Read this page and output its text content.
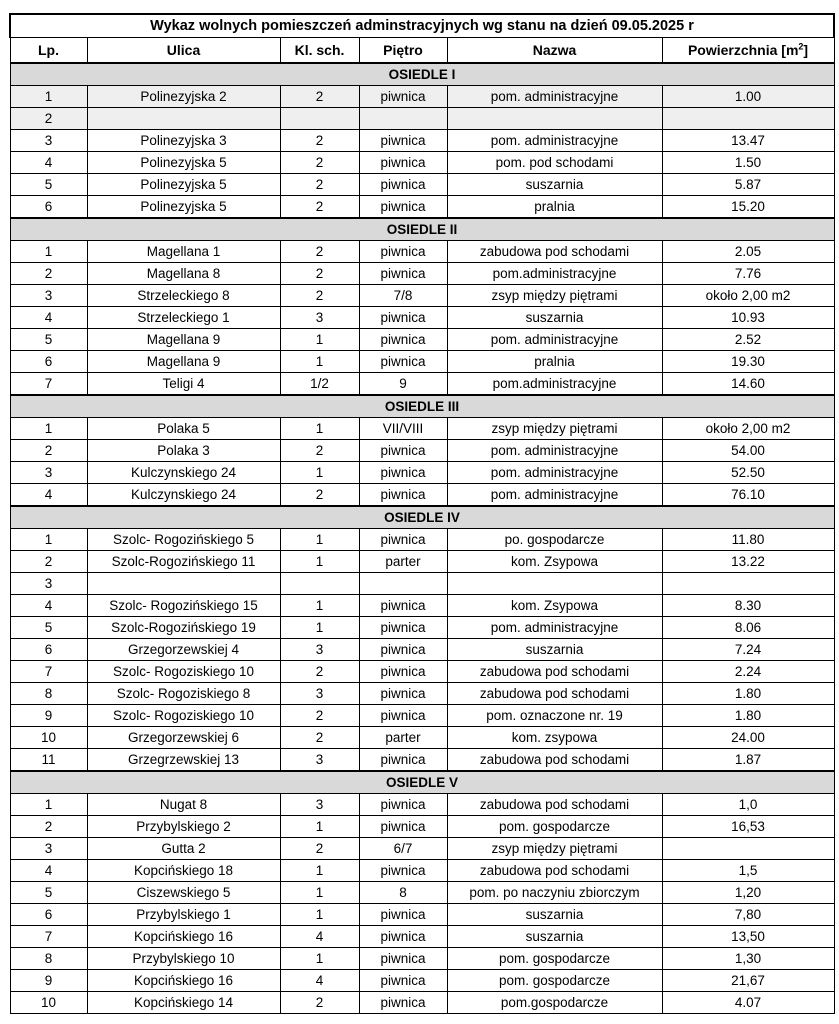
Wykaz wolnych pomieszczeń adminstracyjnych wg stanu na dzień 09.05.2025 r					
Lp.	Ulica	Kl. sch.	Piętro	Nazwa	Powierzchnia $[m^2]$
OSIEDLE I					
1	Polinezyjska 2	2	piwnica	pom. administracyjne	1.00
2					
3	Polinezyjska 3	2	piwnica	pom. administracyjne	13.47
4	Polinezyjska 5	2	piwnica	pom. pod schodami	1.50
5	Polinezyjska 5	2	piwnica	suszarnia	5.87
6	Polinezyjska 5	2	piwnica	pralnia	15.20
OSIEDLE II					
1	Magellana 1	2	piwnica	zabudowa pod schodami	2.05
2	Magellana 8	2	piwnica	pom.administracyjne	7.76
3	Strzeleckiego 8	2	7/8	zsyp między piętrami	około 2,00 m2
4	Strzeleckiego 1	3	piwnica	suszarnia	10.93
5	Magellana 9	1	piwnica	pom. administracyjne	2.52
6	Magellana 9	1	piwnica	pralnia	19.30
7	Teligi 4	1/2	9	pom.administracyjne	14.60
OSIEDLE III					
1	Polaka 5	1	VII/VIII	zsyp między piętrami	około 2,00 m2
2	Polaka 3	2	piwnica	pom. administracyjne	54.00
3	Kulczynskiego 24	1	piwnica	pom. administracyjne	52.50
4	Kulczynskiego 24	2	piwnica	pom. administracyjne	76.10
OSIEDLE IV					
1	Szolc- Rogozińskiego 5	1	piwnica	po. gospodarcze	11.80
2	Szolc-Rogozińskiego 11	1	parter	kom. Zsypowa	13.22
3					
4	Szolc- Rogozińskiego 15	1	piwnica	kom. Zsypowa	8.30
5	Szolc-Rogozińskiego 19	1	piwnica	pom. administracyjne	8.06
6	Grzegorzewskiej 4	3	piwnica	suszarnia	7.24
7	Szolc- Rogoziskiego 10	2	piwnica	zabudowa pod schodami	2.24
8	Szolc- Rogoziskiego 8	3	piwnica	zabudowa pod schodami	1.80
9	Szolc- Rogoziskiego 10	2	piwnica	pom. oznaczone nr. 19	1.80
10	Grzegorzewskiej 6	2	parter	kom. zsypowa	24.00
11	Grzegrzewskiej 13	3	piwnica	zabudowa pod schodami	1.87
OSIEDLE V					
1	Nugat 8	3	piwnica	zabudowa pod schodami	1,0
2	Przybylskiego 2	1	piwnica	pom. gospodarcze	16,53
3	Gutta 2	2	6/7	zsyp między piętrami	
4	Kopcińskiego 18	1	piwnica	zabudowa pod schodami	1,5
5	Ciszewskiego 5	1	8	pom. po naczyniu zbiorczym	1,20
6	Przybylskiego 1	1	piwnica	suszarnia	7,80
7	Kopcińskiego 16	4	piwnica	suszarnia	13,50
8	Przybylskiego 10	1	piwnica	pom. gospodarcze	1,30
9	Kopcińskiego 16	4	piwnica	pom. gospodarcze	21,67
10	Kopcińskiego 14	2	piwnica	pom.gospodarcze	4.07
